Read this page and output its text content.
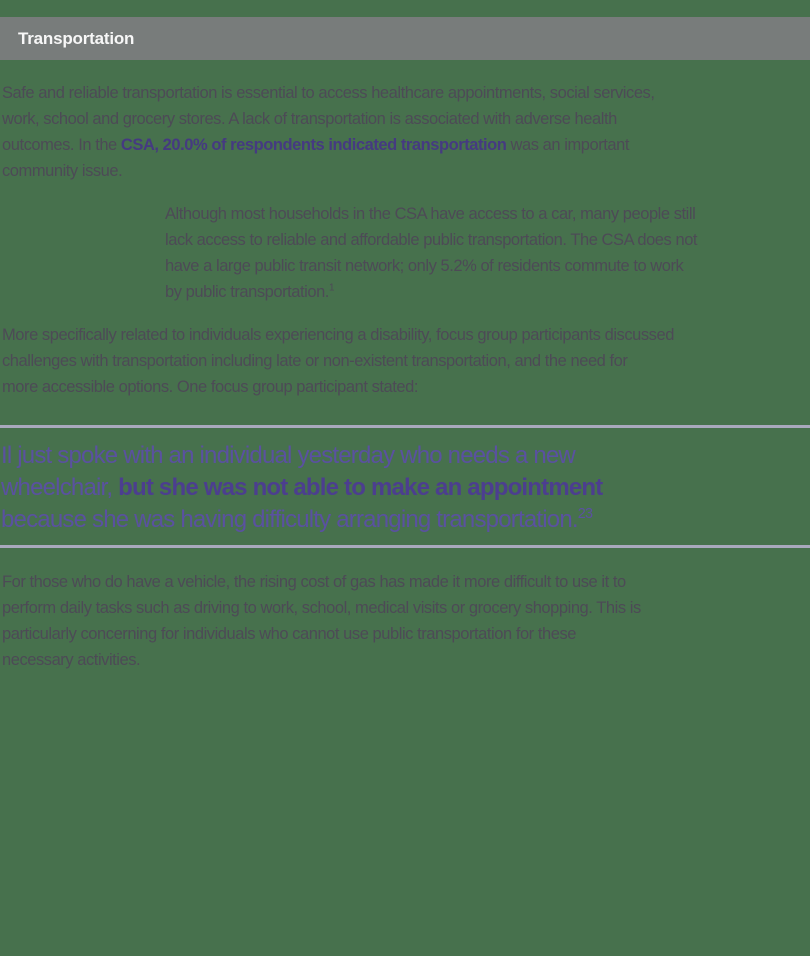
Transportation
Safe and reliable transportation is essential to access healthcare appointments, social services,
work, school and grocery stores. A lack of transportation is associated with adverse health
outcomes. In the CSA, 20.0% of respondents indicated transportation was an important
community issue.
Although most households in the CSA have access to a car, many people still
lack access to reliable and affordable public transportation. The CSA does not
have a large public transit network; only 5.2% of residents commute to work
by public transportation.$^1$
More specifically related to individuals experiencing a disability, focus group participants discussed
challenges with transportation including late or non-existent transportation, and the need for
more accessible options. One focus group participant stated:
Il just spoke with an individual yesterday who needs a new
wheelchair, but she was not able to make an appointment
because she was having difficulty arranging transportation.$^{23}$
For those who do have a vehicle, the rising cost of gas has made it more difficult to use it to
perform daily tasks such as driving to work, school, medical visits or grocery shopping. This is
particularly concerning for individuals who cannot use public transportation for these
necessary activities.
